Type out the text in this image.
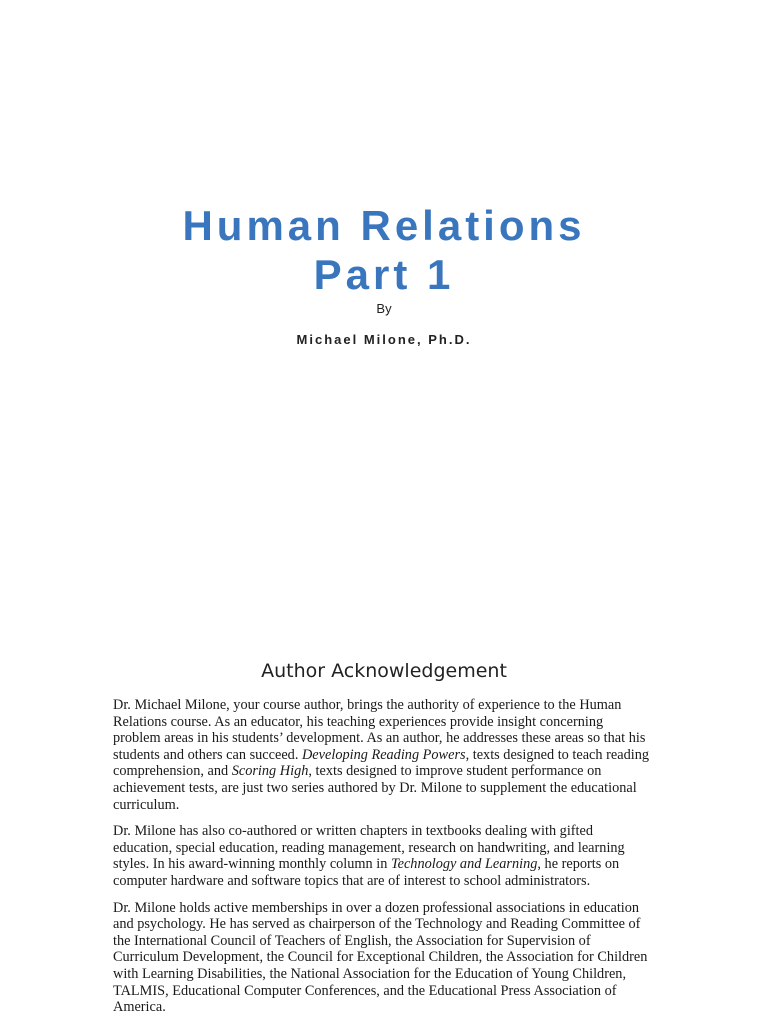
Human Relations
Part 1
By
Michael Milone, Ph.D.
Author Acknowledgement

Dr. Michael Milone, your course author, brings the authority of experience to the Human Relations course. As an educator, his teaching experiences provide insight concerning problem areas in his students’ development. As an author, he addresses these areas so that his students and others can succeed. Developing Reading Powers, texts designed to teach reading comprehension, and Scoring High, texts designed to improve student performance on achievement tests, are just two series authored by Dr. Milone to supplement the educational curriculum.

Dr. Milone has also co-authored or written chapters in textbooks dealing with gifted education, special education, reading management, research on handwriting, and learning styles. In his award-winning monthly column in Technology and Learning, he reports on computer hardware and software topics that are of interest to school administrators.

Dr. Milone holds active memberships in over a dozen professional associations in education and psychology. He has served as chairperson of the Technology and Reading Committee of the International Council of Teachers of English, the Association for Supervision of Curriculum Development, the Council for Exceptional Children, the Association for Children with Learning Disabilities, the National Association for the Education of Young Children, TALMIS, Educational Computer Conferences, and the Educational Press Association of America.
